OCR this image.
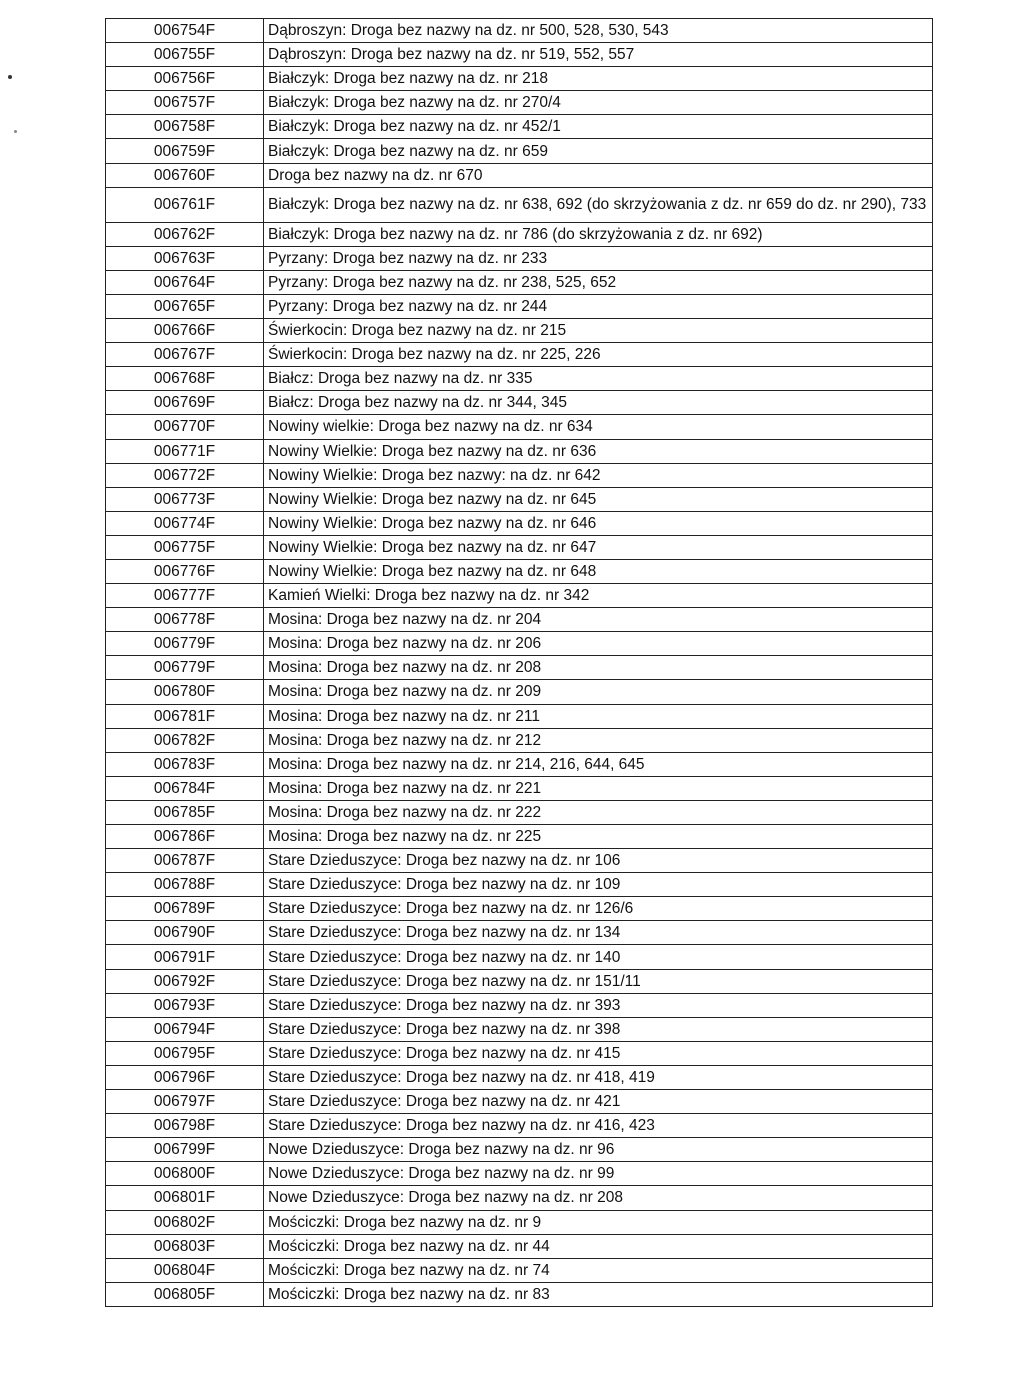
006754F	Dąbroszyn: Droga bez nazwy na dz. nr 500, 528, 530, 543
006755F	Dąbroszyn: Droga bez nazwy na dz. nr 519, 552, 557
006756F	Białczyk: Droga bez nazwy na dz. nr 218
006757F	Białczyk: Droga bez nazwy na dz. nr 270/4
006758F	Białczyk: Droga bez nazwy na dz. nr 452/1
006759F	Białczyk: Droga bez nazwy na dz. nr 659
006760F	Droga bez nazwy na dz. nr 670
006761F	Białczyk: Droga bez nazwy na dz. nr 638, 692 (do skrzyżowania z dz. nr 659 do dz. nr 290), 733
006762F	Białczyk: Droga bez nazwy na dz. nr 786 (do skrzyżowania z dz. nr 692)
006763F	Pyrzany: Droga bez nazwy na dz. nr 233
006764F	Pyrzany: Droga bez nazwy na dz. nr 238, 525, 652
006765F	Pyrzany: Droga bez nazwy na dz. nr 244
006766F	Świerkocin: Droga bez nazwy na dz. nr 215
006767F	Świerkocin: Droga bez nazwy na dz. nr 225, 226
006768F	Białcz: Droga bez nazwy na dz. nr 335
006769F	Białcz: Droga bez nazwy na dz. nr 344, 345
006770F	Nowiny wielkie: Droga bez nazwy na dz. nr 634
006771F	Nowiny Wielkie: Droga bez nazwy na dz. nr 636
006772F	Nowiny Wielkie: Droga bez nazwy: na dz. nr 642
006773F	Nowiny Wielkie: Droga bez nazwy na dz. nr 645
006774F	Nowiny Wielkie: Droga bez nazwy na dz. nr 646
006775F	Nowiny Wielkie: Droga bez nazwy na dz. nr 647
006776F	Nowiny Wielkie: Droga bez nazwy na dz. nr 648
006777F	Kamień Wielki: Droga bez nazwy na dz. nr 342
006778F	Mosina: Droga bez nazwy na dz. nr 204
006779F	Mosina: Droga bez nazwy na dz. nr 206
006779F	Mosina: Droga bez nazwy na dz. nr 208
006780F	Mosina: Droga bez nazwy na dz. nr 209
006781F	Mosina: Droga bez nazwy na dz. nr 211
006782F	Mosina: Droga bez nazwy na dz. nr 212
006783F	Mosina: Droga bez nazwy na dz. nr 214, 216, 644, 645
006784F	Mosina: Droga bez nazwy na dz. nr 221
006785F	Mosina: Droga bez nazwy na dz. nr 222
006786F	Mosina: Droga bez nazwy na dz. nr 225
006787F	Stare Dzieduszyce: Droga bez nazwy na dz. nr 106
006788F	Stare Dzieduszyce: Droga bez nazwy na dz. nr 109
006789F	Stare Dzieduszyce: Droga bez nazwy na dz. nr 126/6
006790F	Stare Dzieduszyce: Droga bez nazwy na dz. nr 134
006791F	Stare Dzieduszyce: Droga bez nazwy na dz. nr 140
006792F	Stare Dzieduszyce: Droga bez nazwy na dz. nr 151/11
006793F	Stare Dzieduszyce: Droga bez nazwy na dz. nr 393
006794F	Stare Dzieduszyce: Droga bez nazwy na dz. nr 398
006795F	Stare Dzieduszyce: Droga bez nazwy na dz. nr 415
006796F	Stare Dzieduszyce: Droga bez nazwy na dz. nr 418, 419
006797F	Stare Dzieduszyce: Droga bez nazwy na dz. nr 421
006798F	Stare Dzieduszyce: Droga bez nazwy na dz. nr 416, 423
006799F	Nowe Dzieduszyce: Droga bez nazwy na dz. nr 96
006800F	Nowe Dzieduszyce: Droga bez nazwy na dz. nr 99
006801F	Nowe Dzieduszyce: Droga bez nazwy na dz. nr 208
006802F	Mościczki: Droga bez nazwy na dz. nr 9
006803F	Mościczki: Droga bez nazwy na dz. nr 44
006804F	Mościczki: Droga bez nazwy na dz. nr 74
006805F	Mościczki: Droga bez nazwy na dz. nr 83
